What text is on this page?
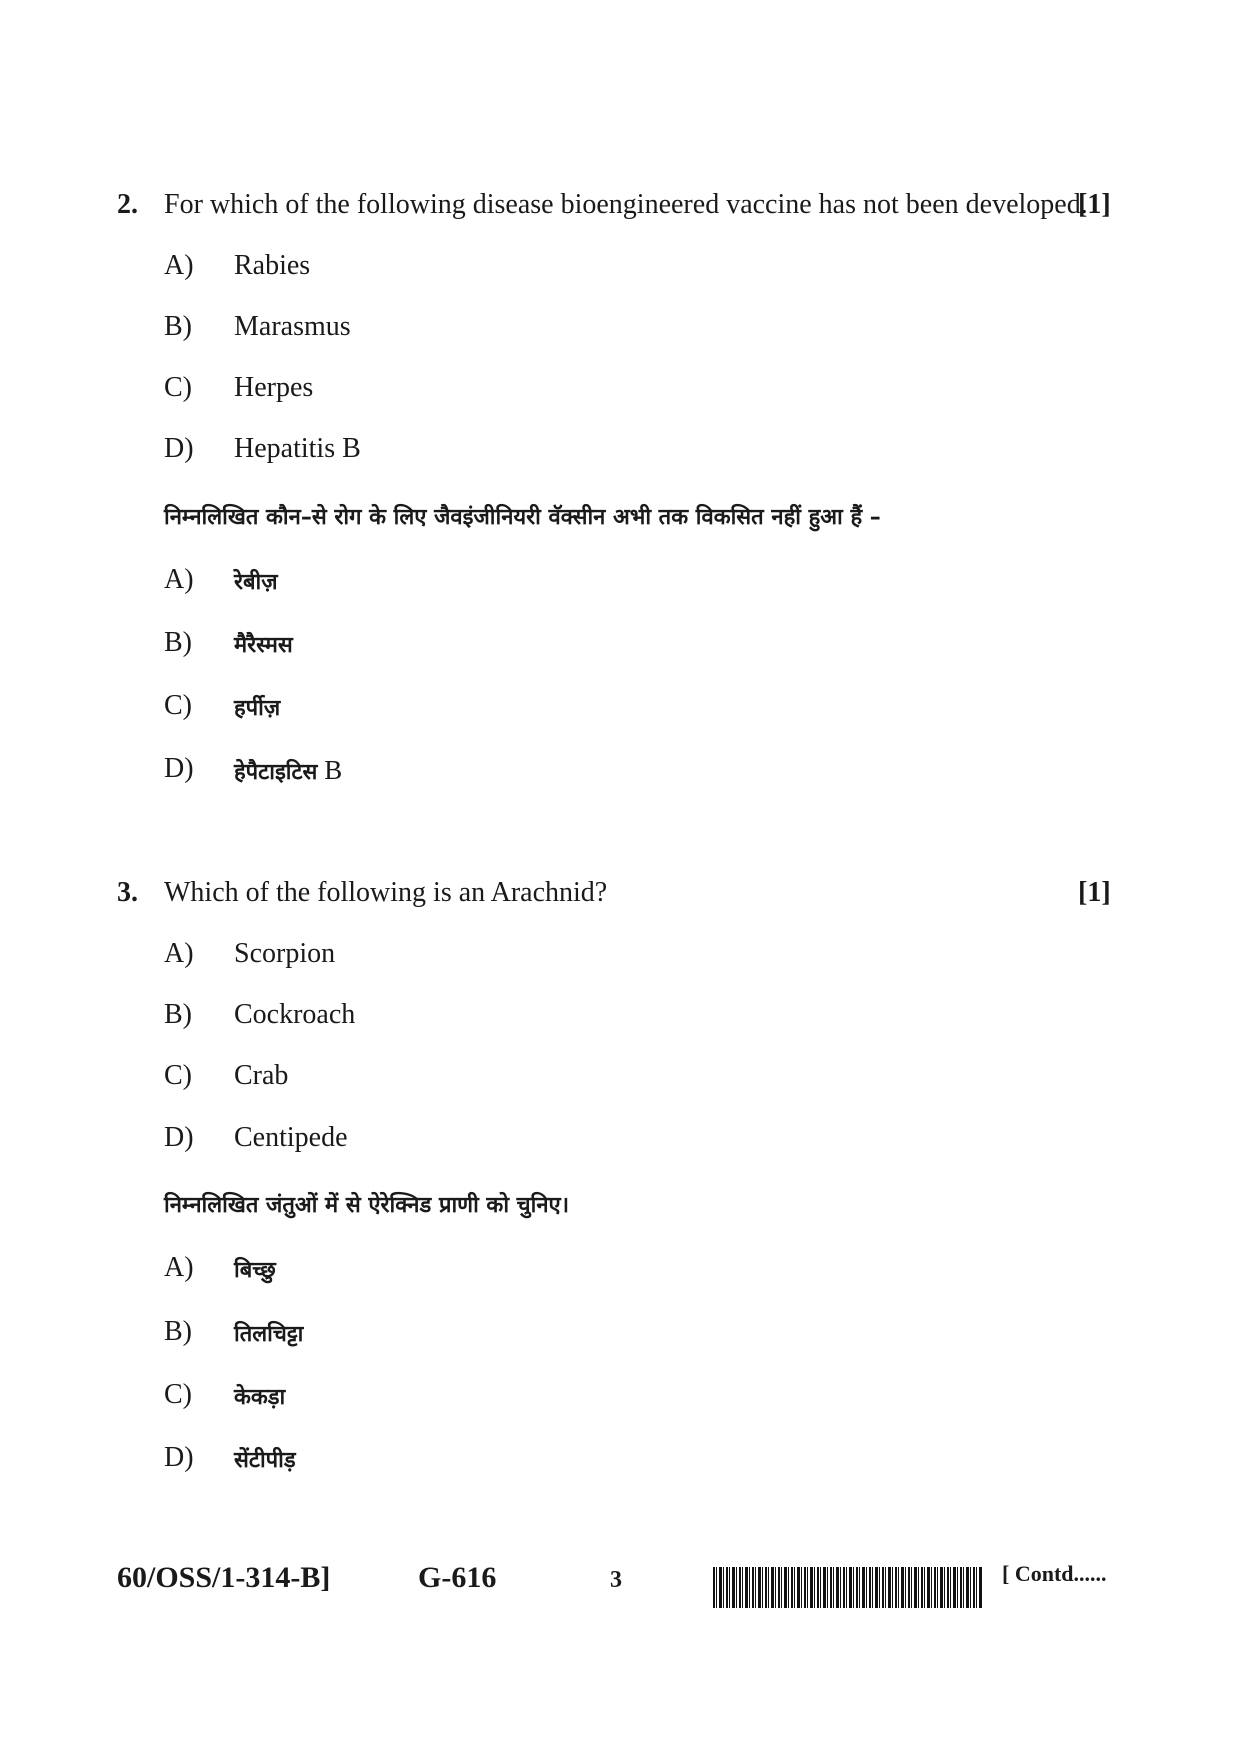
2. For which of the following disease bioengineered vaccine has not been developed.
[1]
A) Rabies
B) Marasmus
C) Herpes
D) Hepatitis B
निम्नलिखित कौन–से रोग के लिए जैवइंजीनियरी वॅक्सीन अभी तक विकसित नहीं हुआ हैं –
A) रेबीज़
B) मैरैस्मस
C) हर्पीज़
D) हेपैटाइटिस B
3. Which of the following is an Arachnid?	[1]
A) Scorpion
B) Cockroach
C) Crab
D) Centipede
निम्नलिखित जंतुओं में से ऐरेक्निड प्राणी को चुनिए।
A) बिच्छु
B) तिलचिट्टा
C) केकड़ा
D) सेंटीपीड़
60/OSS/1-314-B]	G-616	3	[ Contd......
